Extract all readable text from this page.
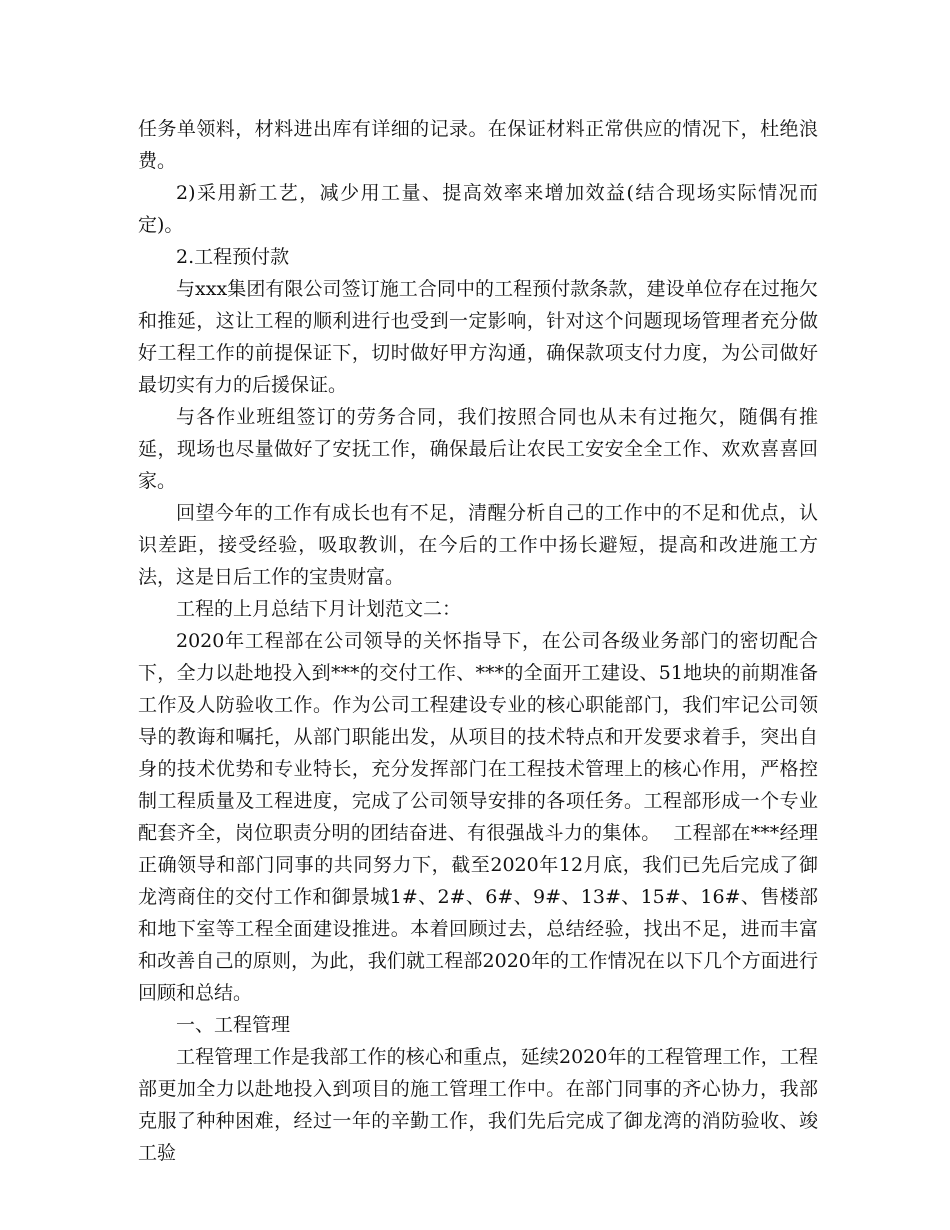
任务单领料，材料进出库有详细的记录。在保证材料正常供应的情况下，杜绝浪费。

2)采用新工艺，减少用工量、提高效率来增加效益(结合现场实际情况而定)。

2.工程预付款

与xxx集团有限公司签订施工合同中的工程预付款条款，建设单位存在过拖欠和推延，这让工程的顺利进行也受到一定影响，针对这个问题现场管理者充分做好工程工作的前提保证下，切时做好甲方沟通，确保款项支付力度，为公司做好最切实有力的后援保证。

与各作业班组签订的劳务合同，我们按照合同也从未有过拖欠，随偶有推延，现场也尽量做好了安抚工作，确保最后让农民工安安全全工作、欢欢喜喜回家。

回望今年的工作有成长也有不足，清醒分析自己的工作中的不足和优点，认识差距，接受经验，吸取教训，在今后的工作中扬长避短，提高和改进施工方法，这是日后工作的宝贵财富。

工程的上月总结下月计划范文二：

2020年工程部在公司领导的关怀指导下，在公司各级业务部门的密切配合下，全力以赴地投入到***的交付工作、***的全面开工建设、51地块的前期准备工作及人防验收工作。作为公司工程建设专业的核心职能部门，我们牢记公司领导的教诲和嘱托，从部门职能出发，从项目的技术特点和开发要求着手，突出自身的技术优势和专业特长，充分发挥部门在工程技术管理上的核心作用，严格控制工程质量及工程进度，完成了公司领导安排的各项任务。工程部形成一个专业配套齐全，岗位职责分明的团结奋进、有很强战斗力的集体。  工程部在***经理正确领导和部门同事的共同努力下，截至2020年12月底，我们已先后完成了御龙湾商住的交付工作和御景城1#、2#、6#、9#、13#、15#、16#、售楼部和地下室等工程全面建设推进。本着回顾过去，总结经验，找出不足，进而丰富和改善自己的原则，为此，我们就工程部2020年的工作情况在以下几个方面进行回顾和总结。

一、工程管理

工程管理工作是我部工作的核心和重点，延续2020年的工程管理工作，工程部更加全力以赴地投入到项目的施工管理工作中。在部门同事的齐心协力，我部克服了种种困难，经过一年的辛勤工作，我们先后完成了御龙湾的消防验收、竣工验
